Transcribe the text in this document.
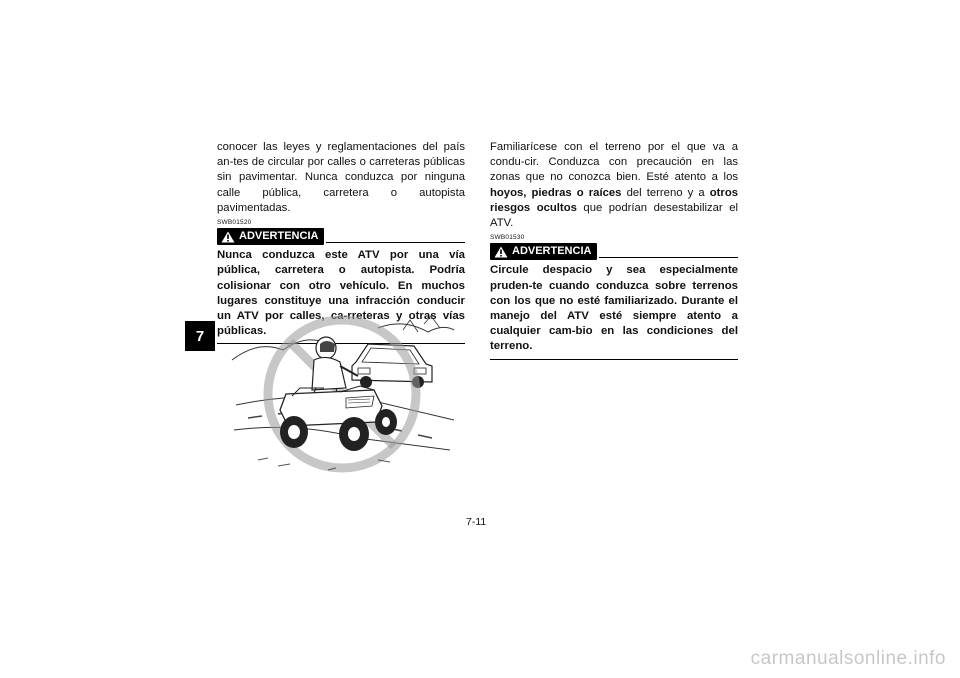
7

conocer las leyes y reglamentaciones del país an-tes de circular por calles o carreteras públicas sin pavimentar. Nunca conduzca por ninguna calle pública, carretera o autopista pavimentadas.

SWB01520
ADVERTENCIA

Nunca conduzca este ATV por una vía pública, carretera o autopista. Podría colisionar con otro vehículo. En muchos lugares constituye una infracción conducir un ATV por calles, ca-rreteras y otras vías públicas.

Familiarícese con el terreno por el que va a condu-cir. Conduzca con precaución en las zonas que no conozca bien. Esté atento a los hoyos, piedras o raíces del terreno y a otros riesgos ocultos que podrían desestabilizar el ATV.

SWB01530
ADVERTENCIA

Circule despacio y sea especialmente pruden-te cuando conduzca sobre terrenos con los que no esté familiarizado. Durante el manejo del ATV esté siempre atento a cualquier cam-bio en las condiciones del terreno.

7-11
carmanualsonline.info
